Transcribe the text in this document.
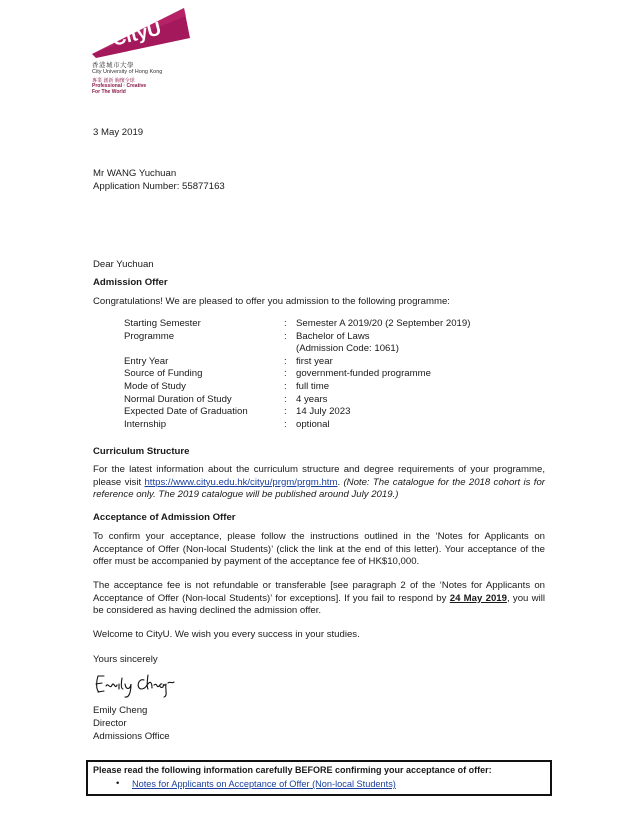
CityU
香港城市大學
City University of Hong Kong
專業 創新 胸懷全球
Professional · Creative
For The World
3 May 2019
Mr WANG Yuchuan
Application Number: 55877163
Dear Yuchuan
Admission Offer
Congratulations! We are pleased to offer you admission to the following programme:
Starting Semester	: Semester A 2019/20 (2 September 2019)
Programme	: Bachelor of Laws
(Admission Code: 1061)
Entry Year	: first year
Source of Funding	: government-funded programme
Mode of Study	: full time
Normal Duration of Study	: 4 years
Expected Date of Graduation	: 14 July 2023
Internship	: optional
Curriculum Structure
For the latest information about the curriculum structure and degree requirements of your programme, please visit https://www.cityu.edu.hk/cityu/prgm/prgm.htm. (Note: The catalogue for the 2018 cohort is for reference only. The 2019 catalogue will be published around July 2019.)
Acceptance of Admission Offer
To confirm your acceptance, please follow the instructions outlined in the ‘Notes for Applicants on Acceptance of Offer (Non-local Students)’ (click the link at the end of this letter). Your acceptance of the offer must be accompanied by payment of the acceptance fee of HK$10,000.
The acceptance fee is not refundable or transferable [see paragraph 2 of the ‘Notes for Applicants on Acceptance of Offer (Non-local Students)’ for exceptions]. If you fail to respond by 24 May 2019, you will be considered as having declined the admission offer.
Welcome to CityU. We wish you every success in your studies.
Yours sincerely
Emily Cheng
Director
Admissions Office
Please read the following information carefully BEFORE confirming your acceptance of offer:
• Notes for Applicants on Acceptance of Offer (Non-local Students)
